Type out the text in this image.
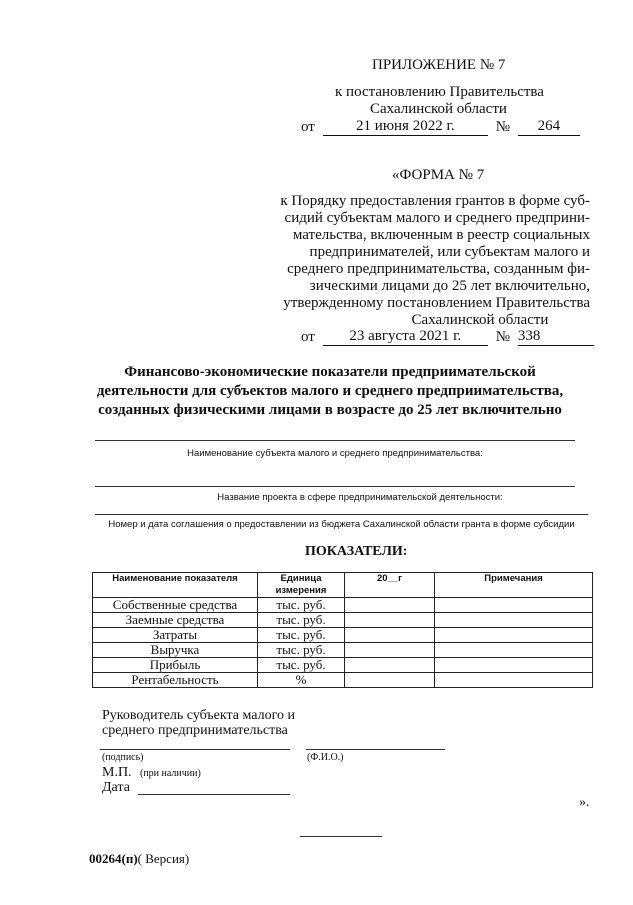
ПРИЛОЖЕНИЕ № 7
к постановлению Правительства
Сахалинской области
от	21 июня 2022 г.	№	264
«ФОРМА № 7
к Порядку предоставления грантов в форме суб-
сидий субъектам малого и среднего предприни-
мательства, включенным в реестр социальных
предпринимателей, или субъектам малого и
среднего предпринимательства, созданным фи-
зическими лицами до 25 лет включительно,
утвержденному постановлением Правительства
Сахалинской области
от	23 августа 2021 г.	№ 338
Финансово-экономические показатели предприимательской
деятельности для субъектов малого и среднего предприимательства,
созданных физическими лицами в возрасте до 25 лет включительно
Наименование субъекта малого и среднего предпринимательства:
Название проекта в сфере предпринимательской деятельности:
Номер и дата соглашения о предоставлении из бюджета Сахалинской области гранта в форме субсидии
ПОКАЗАТЕЛИ:
Наименование показателя	Единица измерения	20__г	Примечания
Собственные средства	тыс. руб.		
Заемные средства	тыс. руб.		
Затраты	тыс. руб.		
Выручка	тыс. руб.		
Прибыль	тыс. руб.		
Рентабельность	%		
Руководитель субъекта малого и
среднего предпринимательства
(подпись)	(Ф.И.О.)
М.П. (при наличии)
Дата
».
00264(п)( Версия)
